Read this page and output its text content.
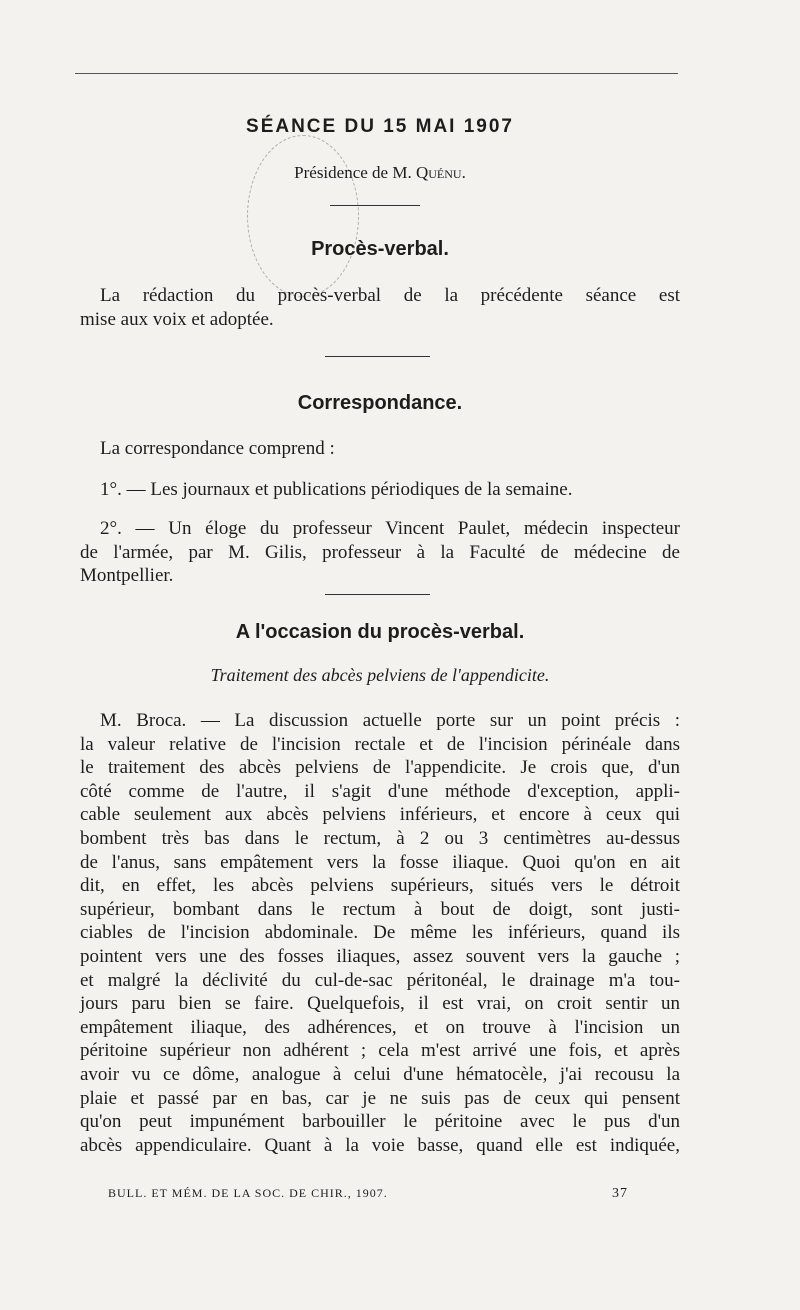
SÉANCE DU 15 MAI 1907
Présidence de M. Quénu.
Procès-verbal.
La rédaction du procès-verbal de la précédente séance est
mise aux voix et adoptée.
Correspondance.
La correspondance comprend :
1°. — Les journaux et publications périodiques de la semaine.
2°. — Un éloge du professeur Vincent Paulet, médecin inspecteur
de l'armée, par M. Gilis, professeur à la Faculté de médecine de
Montpellier.
A l'occasion du procès-verbal.
Traitement des abcès pelviens de l'appendicite.
M. Broca. — La discussion actuelle porte sur un point précis :
la valeur relative de l'incision rectale et de l'incision périnéale dans
le traitement des abcès pelviens de l'appendicite. Je crois que, d'un
côté comme de l'autre, il s'agit d'une méthode d'exception, appli-
cable seulement aux abcès pelviens inférieurs, et encore à ceux qui
bombent très bas dans le rectum, à 2 ou 3 centimètres au-dessus
de l'anus, sans empâtement vers la fosse iliaque. Quoi qu'on en ait
dit, en effet, les abcès pelviens supérieurs, situés vers le détroit
supérieur, bombant dans le rectum à bout de doigt, sont justi-
ciables de l'incision abdominale. De même les inférieurs, quand ils
pointent vers une des fosses iliaques, assez souvent vers la gauche ;
et malgré la déclivité du cul-de-sac péritonéal, le drainage m'a tou-
jours paru bien se faire. Quelquefois, il est vrai, on croit sentir un
empâtement iliaque, des adhérences, et on trouve à l'incision un
péritoine supérieur non adhérent ; cela m'est arrivé une fois, et après
avoir vu ce dôme, analogue à celui d'une hématocèle, j'ai recousu la
plaie et passé par en bas, car je ne suis pas de ceux qui pensent
qu'on peut impunément barbouiller le péritoine avec le pus d'un
abcès appendiculaire. Quant à la voie basse, quand elle est indiquée,
BULL. ET MÉM. DE LA SOC. DE CHIR., 1907.	37
